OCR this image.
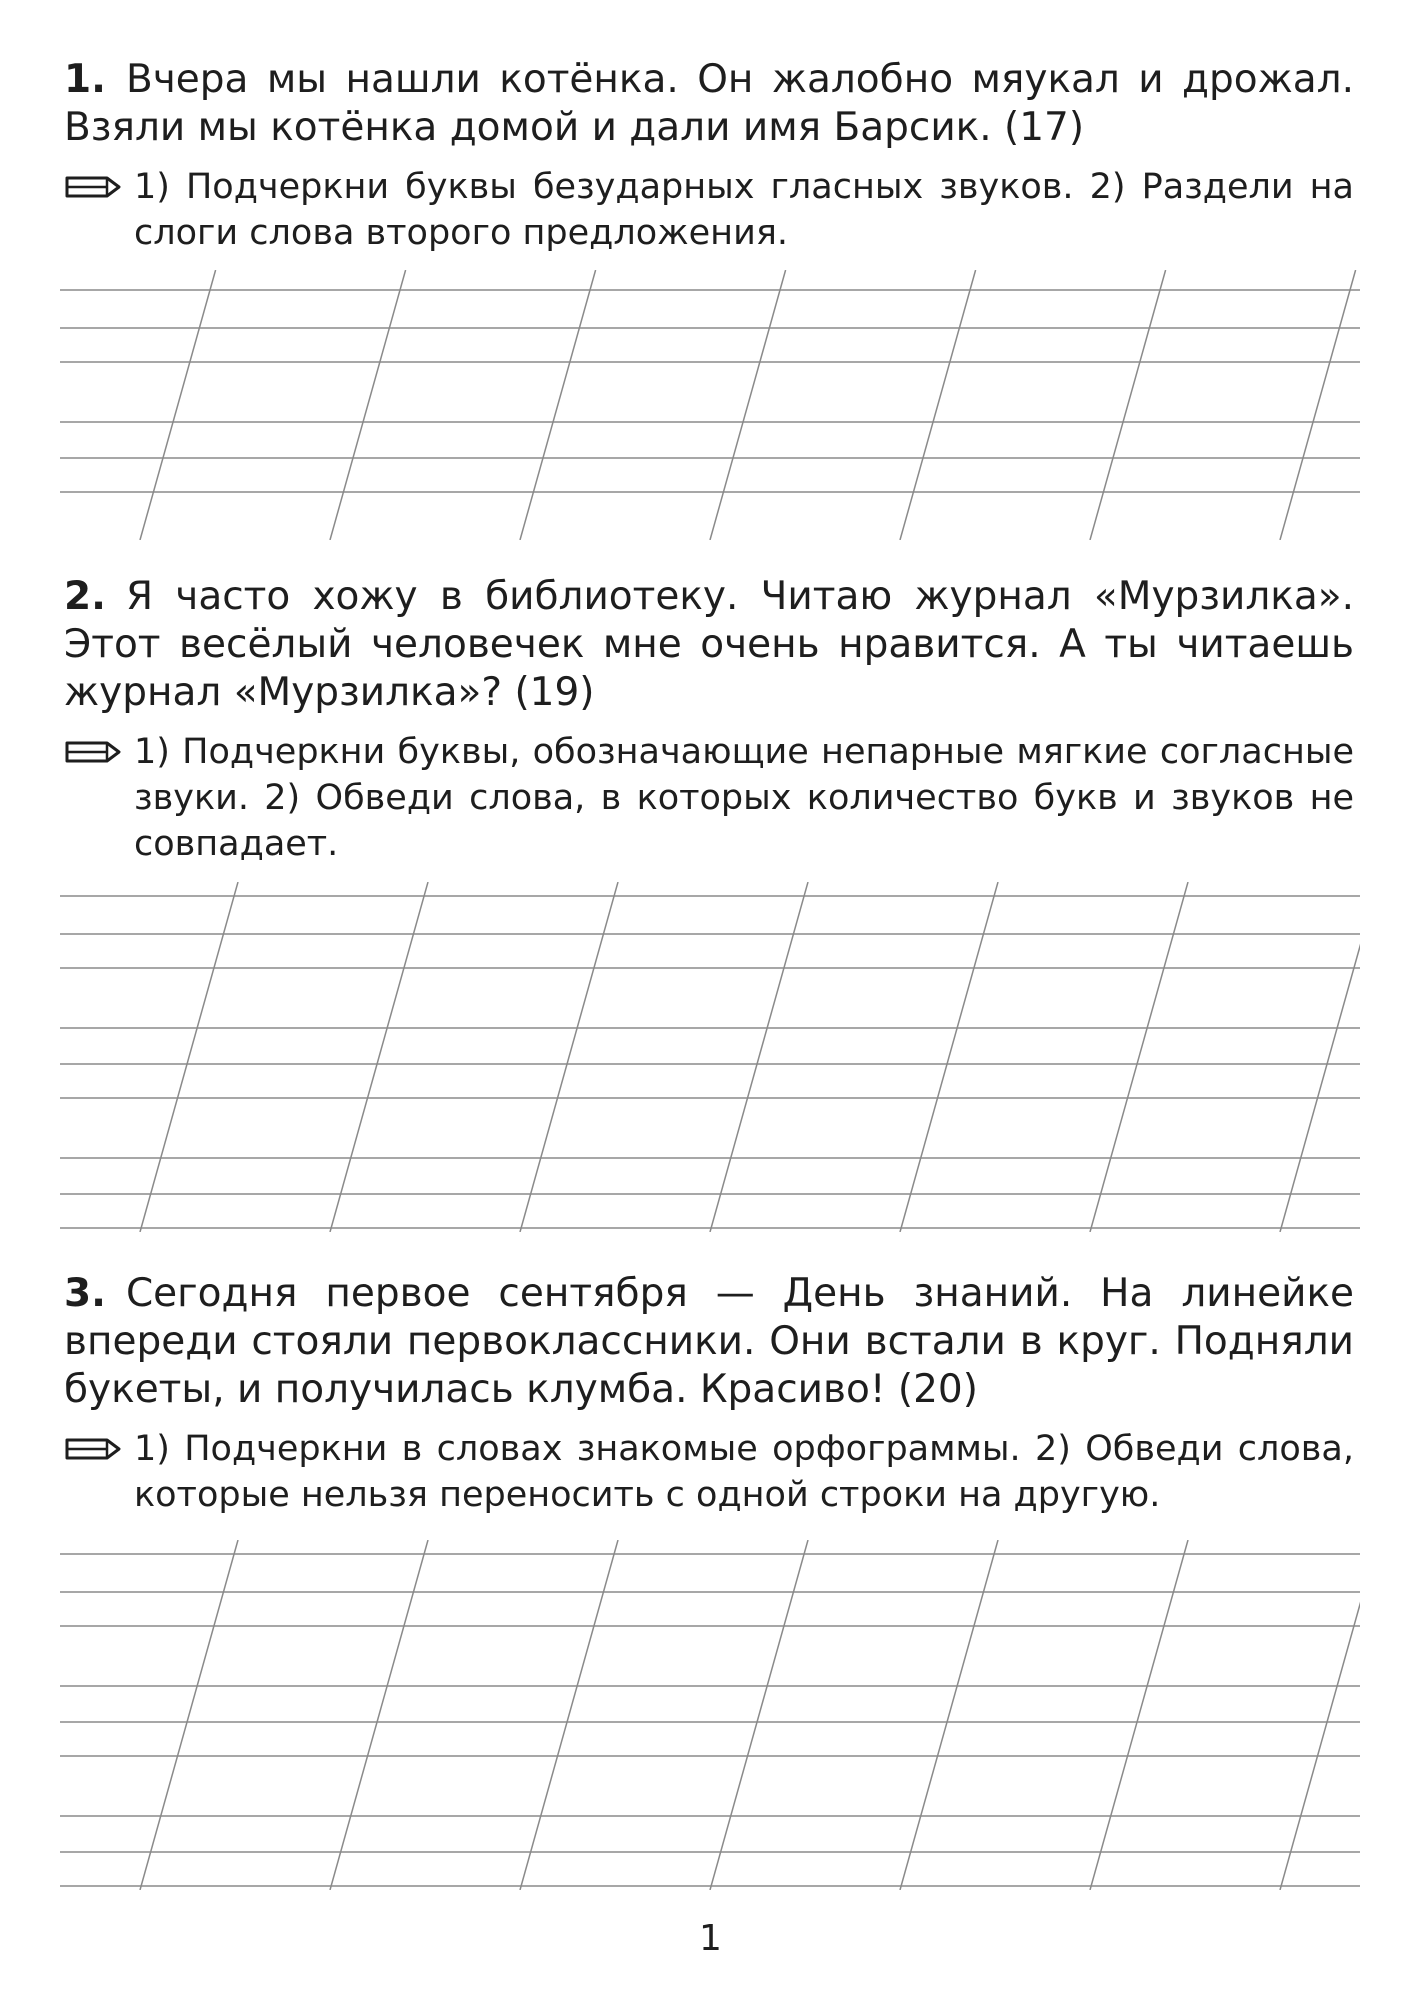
1. Вчера мы нашли котёнка. Он жалобно мяукал и дрожал. Взяли мы котёнка домой и дали имя Барсик. (17)

1) Подчеркни буквы безударных гласных звуков. 2) Раздели на слоги слова второго предложения.

2. Я часто хожу в библиотеку. Читаю журнал «Мурзилка». Этот весёлый человечек мне очень нравится. А ты читаешь журнал «Мурзилка»? (19)

1) Подчеркни буквы, обозначающие непарные мягкие согласные звуки. 2) Обведи слова, в которых количество букв и звуков не совпадает.

3. Сегодня первое сентября — День знаний. На линейке впереди стояли первоклассники. Они встали в круг. Подняли букеты, и получилась клумба. Красиво! (20)

1) Подчеркни в словах знакомые орфограммы. 2) Обведи слова, которые нельзя переносить с одной строки на другую.
1
